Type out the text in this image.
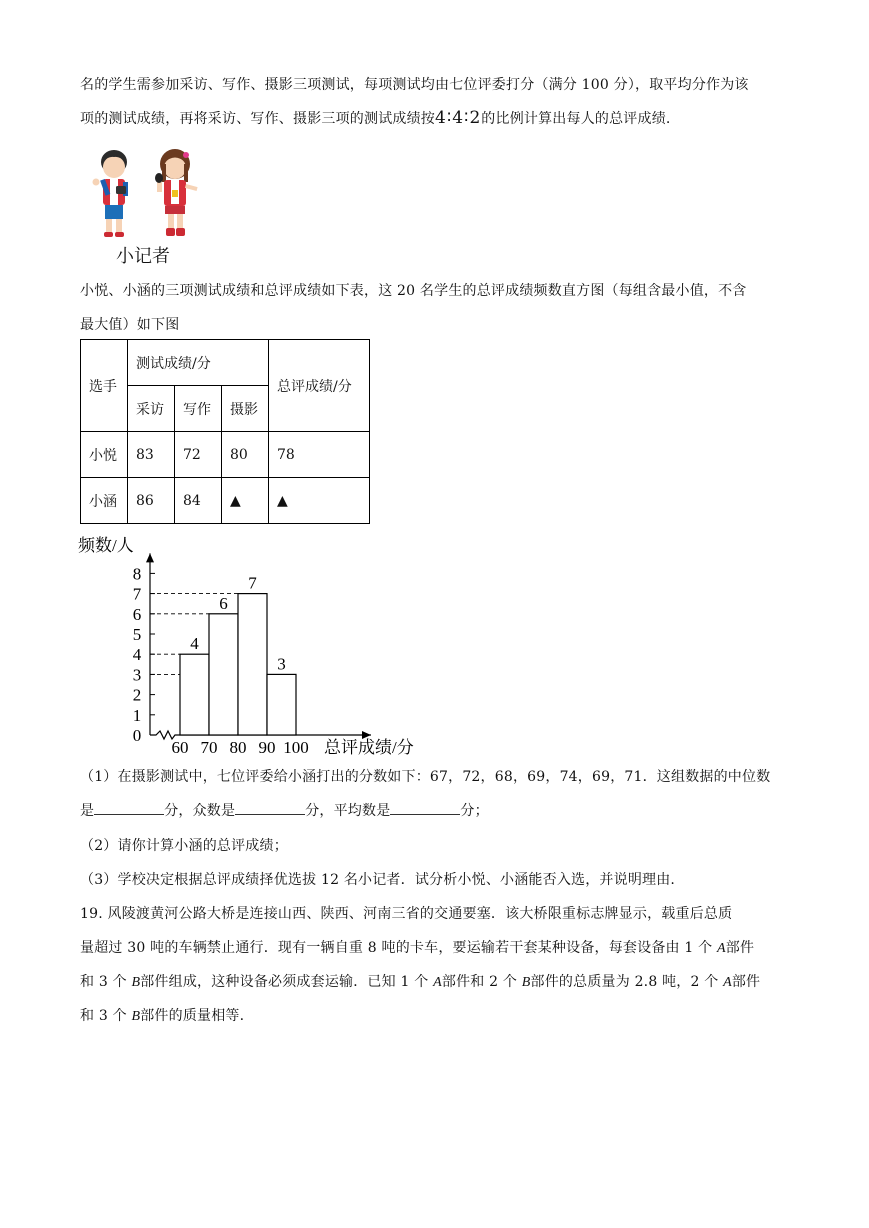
名的学生需参加采访、写作、摄影三项测试，每项测试均由七位评委打分（满分 100 分），取平均分作为该
项的测试成绩，再将采访、写作、摄影三项的测试成绩按4∶4∶2的比例计算出每人的总评成绩.
小记者
小悦、小涵的三项测试成绩和总评成绩如下表，这 20 名学生的总评成绩频数直方图（每组含最小值，不含
最大值）如下图
选手	测试成绩/分			总评成绩/分
	采访	写作	摄影	
小悦	83	72	80	78
小涵	86	84	▲	▲
频数/人
总评成绩/分
0
1
2
3
4
5
6
7
8
60 70 80 90 100
4
6
7
3
（1）在摄影测试中，七位评委给小涵打出的分数如下：67，72，68，69，74，69，71．这组数据的中位数
是	分，众数是	分，平均数是	分；
（2）请你计算小涵的总评成绩；
（3）学校决定根据总评成绩择优选拔 12 名小记者．试分析小悦、小涵能否入选，并说明理由.
19. 风陵渡黄河公路大桥是连接山西、陕西、河南三省的交通要塞．该大桥限重标志牌显示，载重后总质
量超过 30 吨的车辆禁止通行．现有一辆自重 8 吨的卡车，要运输若干套某种设备，每套设备由 1 个 A部件
和 3 个 B部件组成，这种设备必须成套运输．已知 1 个 A部件和 2 个 B部件的总质量为 2.8 吨，2 个 A部件
和 3 个 B部件的质量相等.
